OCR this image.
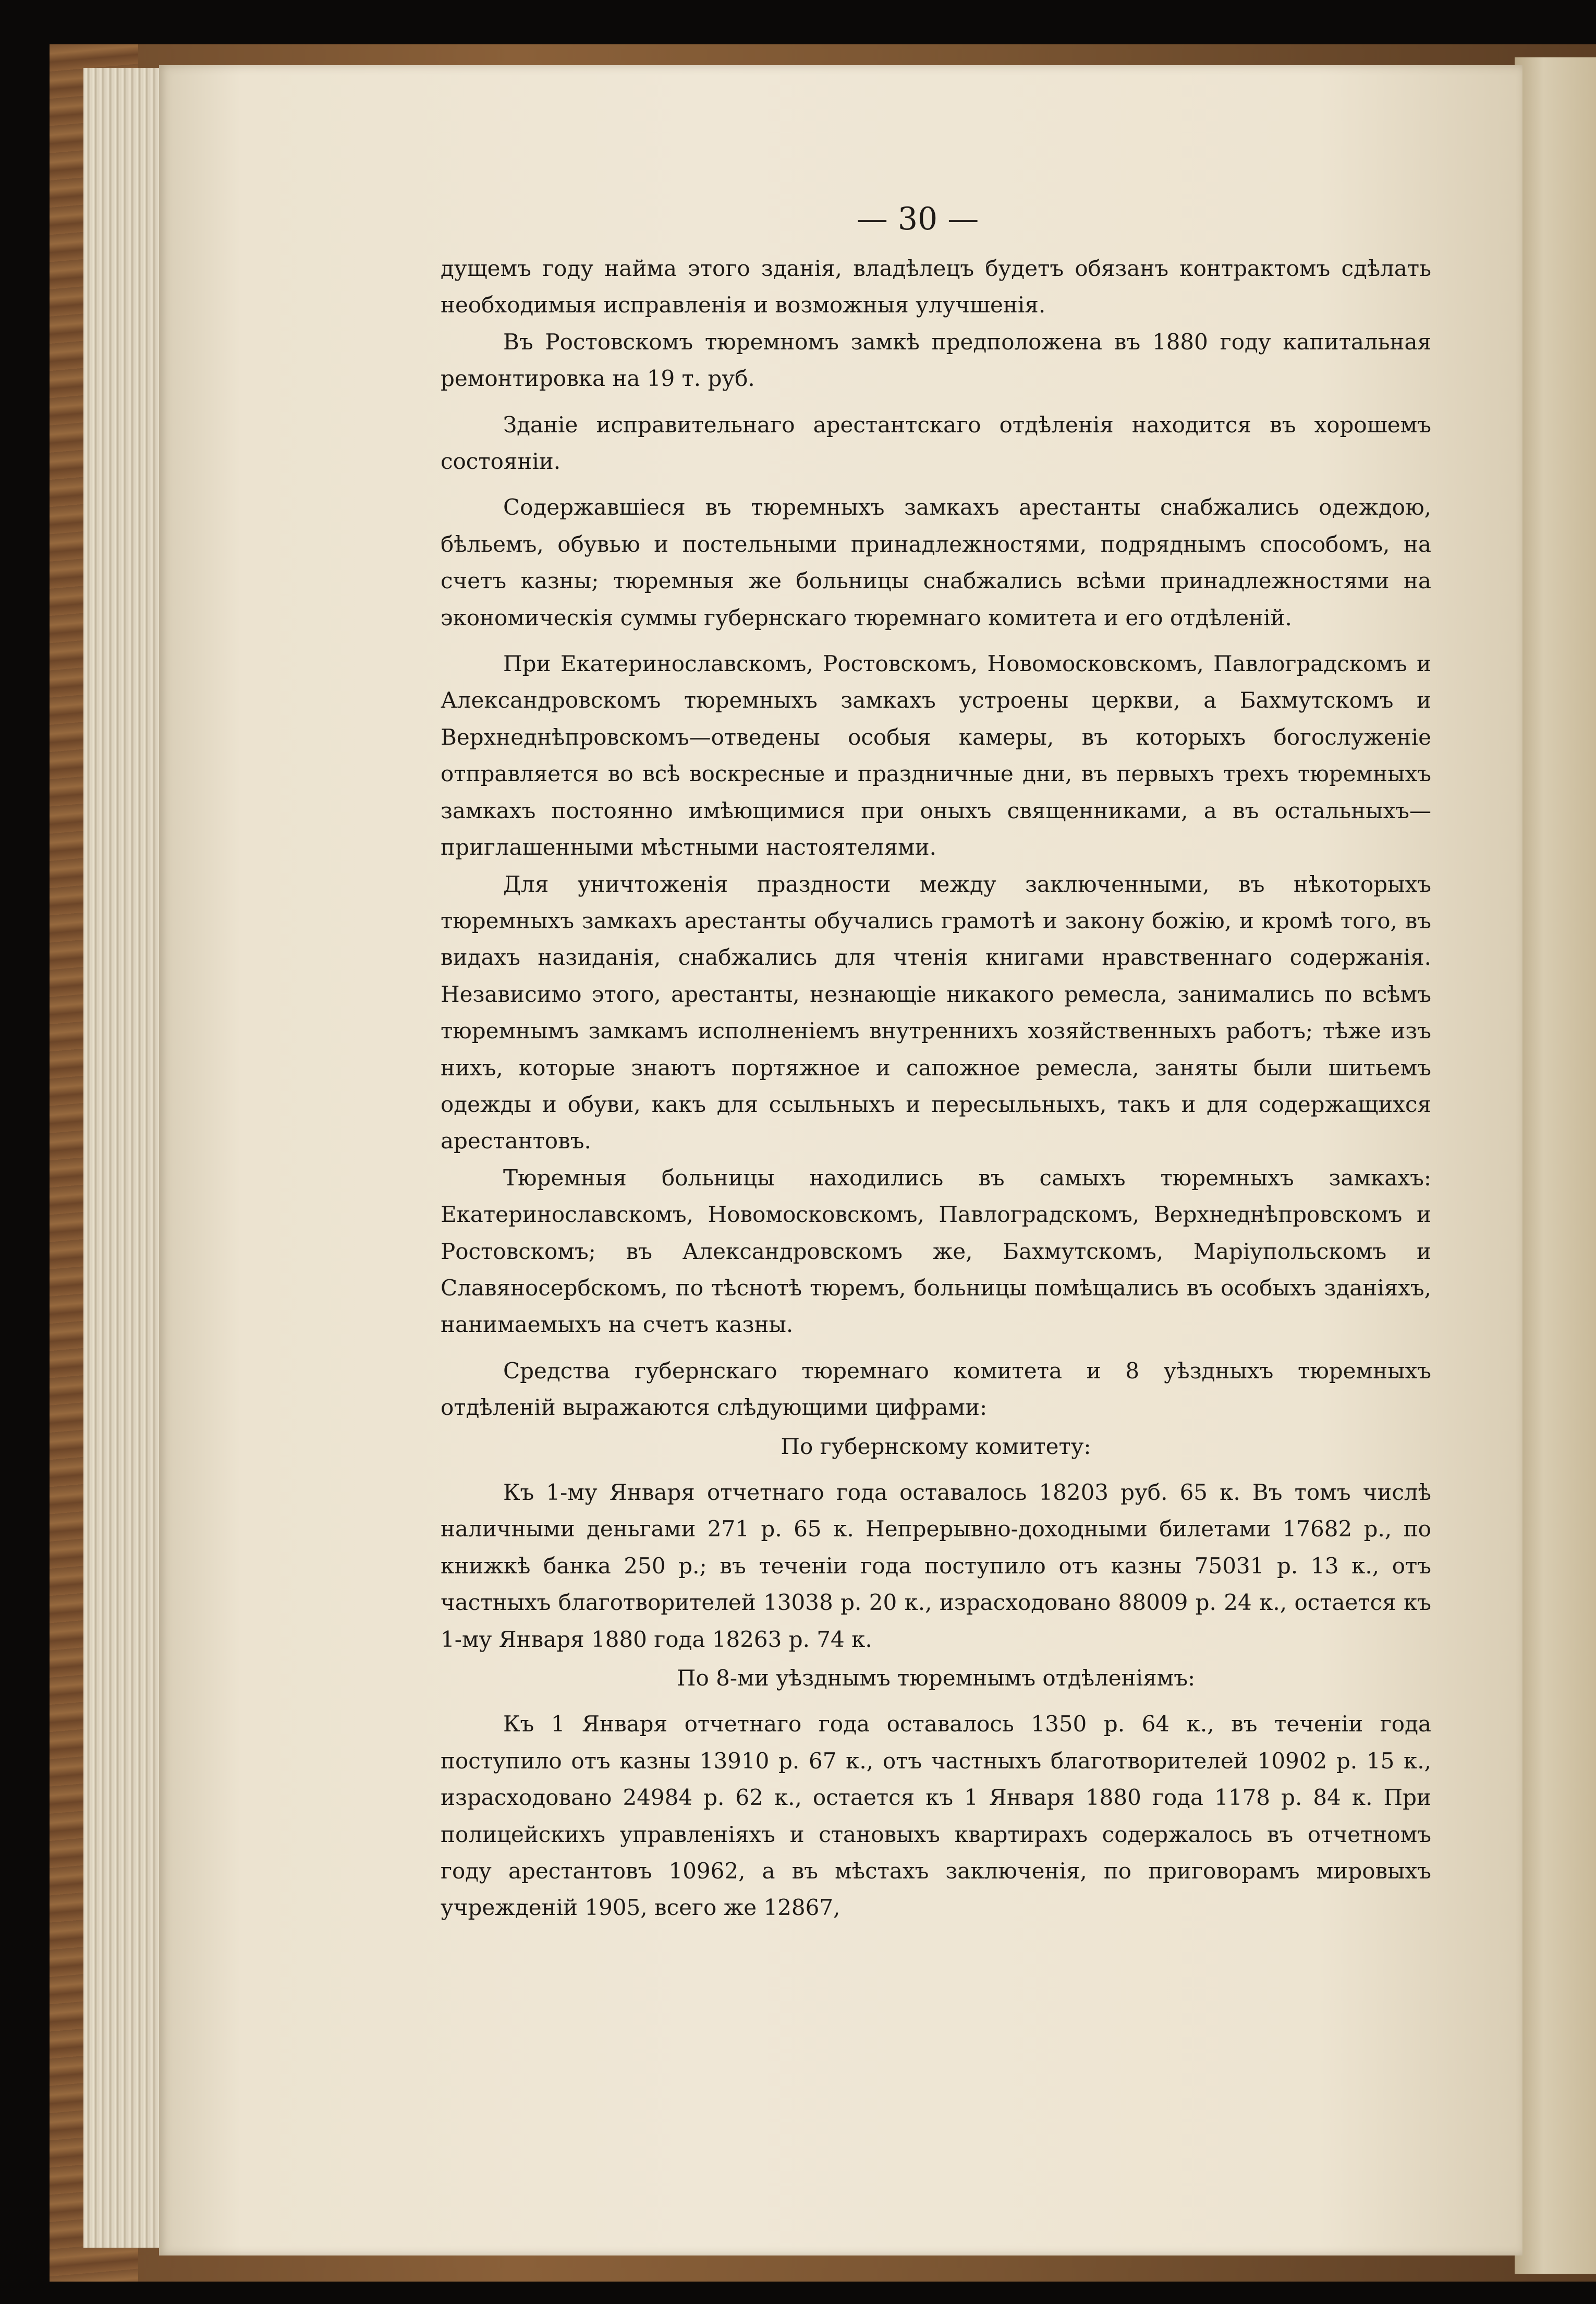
— 30 —

дущемъ году найма этого зданія, владѣлецъ будетъ обязанъ контрактомъ сдѣлать необходимыя исправленія и возможныя улучшенія.

Въ Ростовскомъ тюремномъ замкѣ предположена въ 1880 году капитальная ремонтировка на 19 т. руб.

Зданіе исправительнаго арестантскаго отдѣленія находится въ хорошемъ состояніи.

Содержавшіеся въ тюремныхъ замкахъ арестанты снабжались одеждою, бѣльемъ, обувью и постельными принадлежностями, подряднымъ способомъ, на счетъ казны; тюремныя же больницы снабжались всѣми принадлежностями на экономическія суммы губернскаго тюремнаго комитета и его отдѣленій.

При Екатеринославскомъ, Ростовскомъ, Новомосковскомъ, Павлоградскомъ и Александровскомъ тюремныхъ замкахъ устроены церкви, а Бахмутскомъ и Верхнеднѣпровскомъ—отведены особыя камеры, въ которыхъ богослуженіе отправляется во всѣ воскресные и праздничные дни, въ первыхъ трехъ тюремныхъ замкахъ постоянно имѣющимися при оныхъ священниками, а въ остальныхъ—приглашенными мѣстными настоятелями.

Для уничтоженія праздности между заключенными, въ нѣкоторыхъ тюремныхъ замкахъ арестанты обучались грамотѣ и закону божію, и кромѣ того, въ видахъ назиданія, снабжались для чтенія книгами нравственнаго содержанія. Независимо этого, арестанты, незнающіе никакого ремесла, занимались по всѣмъ тюремнымъ замкамъ исполненіемъ внутреннихъ хозяйственныхъ работъ; тѣже изъ нихъ, которые знаютъ портяжное и сапожное ремесла, заняты были шитьемъ одежды и обуви, какъ для ссыльныхъ и пересыльныхъ, такъ и для содержащихся арестантовъ.

Тюремныя больницы находились въ самыхъ тюремныхъ замкахъ: Екатеринославскомъ, Новомосковскомъ, Павлоградскомъ, Верхнеднѣпровскомъ и Ростовскомъ; въ Александровскомъ же, Бахмутскомъ, Маріупольскомъ и Славяносербскомъ, по тѣснотѣ тюремъ, больницы помѣщались въ особыхъ зданіяхъ, нанимаемыхъ на счетъ казны.

Средства губернскаго тюремнаго комитета и 8 уѣздныхъ тюремныхъ отдѣленій выражаются слѣдующими цифрами:

По губернскому комитету:

Къ 1-му Января отчетнаго года оставалось 18203 руб. 65 к. Въ томъ числѣ наличными деньгами 271 р. 65 к. Непрерывно-доходными билетами 17682 р., по книжкѣ банка 250 р.; въ теченіи года поступило отъ казны 75031 р. 13 к., отъ частныхъ благотворителей 13038 р. 20 к., израсходовано 88009 р. 24 к., остается къ 1-му Января 1880 года 18263 р. 74 к.

По 8-ми уѣзднымъ тюремнымъ отдѣленіямъ:

Къ 1 Января отчетнаго года оставалось 1350 р. 64 к., въ теченіи года поступило отъ казны 13910 р. 67 к., отъ частныхъ благотворителей 10902 р. 15 к., израсходовано 24984 р. 62 к., остается къ 1 Января 1880 года 1178 р. 84 к. При полицейскихъ управленіяхъ и становыхъ квартирахъ содержалось въ отчетномъ году арестантовъ 10962, а въ мѣстахъ заключенія, по приговорамъ мировыхъ учрежденій 1905, всего же 12867,
